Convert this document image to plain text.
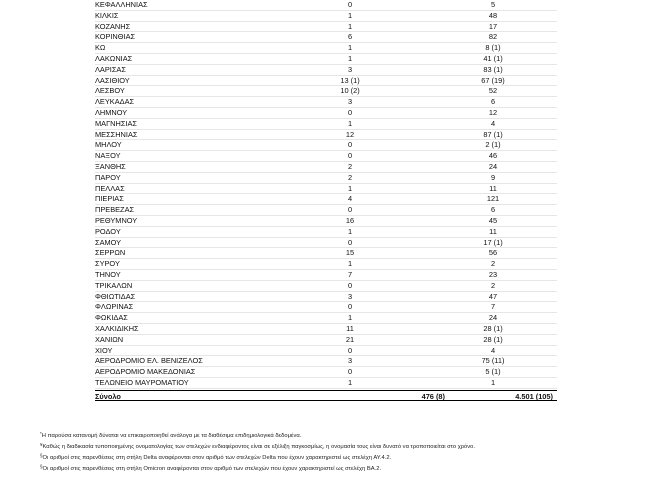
ΚΕΦΑΛΛΗΝΙΑΣ	0	5
ΚΙΛΚΙΣ	1	48
ΚΟΖΑΝΗΣ	1	17
ΚΟΡΙΝΘΙΑΣ	6	82
ΚΩ	1	8 (1)
ΛΑΚΩΝΙΑΣ	1	41 (1)
ΛΑΡΙΣΑΣ	3	83 (1)
ΛΑΣΙΘΙΟΥ	13 (1)	67 (19)
ΛΕΣΒΟΥ	10 (2)	52
ΛΕΥΚΑΔΑΣ	3	6
ΛΗΜΝΟΥ	0	12
ΜΑΓΝΗΣΙΑΣ	1	4
ΜΕΣΣΗΝΙΑΣ	12	87 (1)
ΜΗΛΟΥ	0	2 (1)
ΝΑΞΟΥ	0	46
ΞΑΝΘΗΣ	2	24
ΠΑΡΟΥ	2	9
ΠΕΛΛΑΣ	1	11
ΠΙΕΡΙΑΣ	4	121
ΠΡΕΒΕΖΑΣ	0	6
ΡΕΘΥΜΝΟΥ	16	45
ΡΟΔΟΥ	1	11
ΣΑΜΟΥ	0	17 (1)
ΣΕΡΡΩΝ	15	56
ΣΥΡΟΥ	1	2
ΤΗΝΟΥ	7	23
ΤΡΙΚΑΛΩΝ	0	2
ΦΘΙΩΤΙΔΑΣ	3	47
ΦΛΩΡΙΝΑΣ	0	7
ΦΩΚΙΔΑΣ	1	24
ΧΑΛΚΙΔΙΚΗΣ	11	28 (1)
ΧΑΝΙΩΝ	21	28 (1)
ΧΙΟΥ	0	4
ΑΕΡΟΔΡΟΜΙΟ ΕΛ. ΒΕΝΙΖΕΛΟΣ	3	75 (11)
ΑΕΡΟΔΡΟΜΙΟ ΜΑΚΕΔΟΝΙΑΣ	0	5 (1)
ΤΕΛΩΝΕΙΟ ΜΑΥΡΟΜΑΤΙΟΥ	1	1
Σύνολο	476 (8)	4.501 (105)
*Η παρούσα κατανομή δύναται να επικαιροποιηθεί ανάλογα με τα διαθέσιμα επιδημιολογικά δεδομένα.
¥Καθώς η διαδικασία τυποποιημένης ονοματολογίας των στελεχών ενδιαφέροντος είναι σε εξέλιξη παγκοσμίως, η ονομασία τους είναι δυνατό να τροποποιείται στο χρόνο.
§Οι αριθμοί στις παρενθέσεις στη στήλη Delta αναφέρονται στον αριθμό των στελεχών Delta που έχουν χαρακτηριστεί ως στελέχη ΑΥ.4.2.
§Οι αριθμοί στις παρενθέσεις στη στήλη Omicron αναφέρονται στον αριθμό των στελεχών που έχουν χαρακτηριστεί ως στελέχη ΒΑ.2.
